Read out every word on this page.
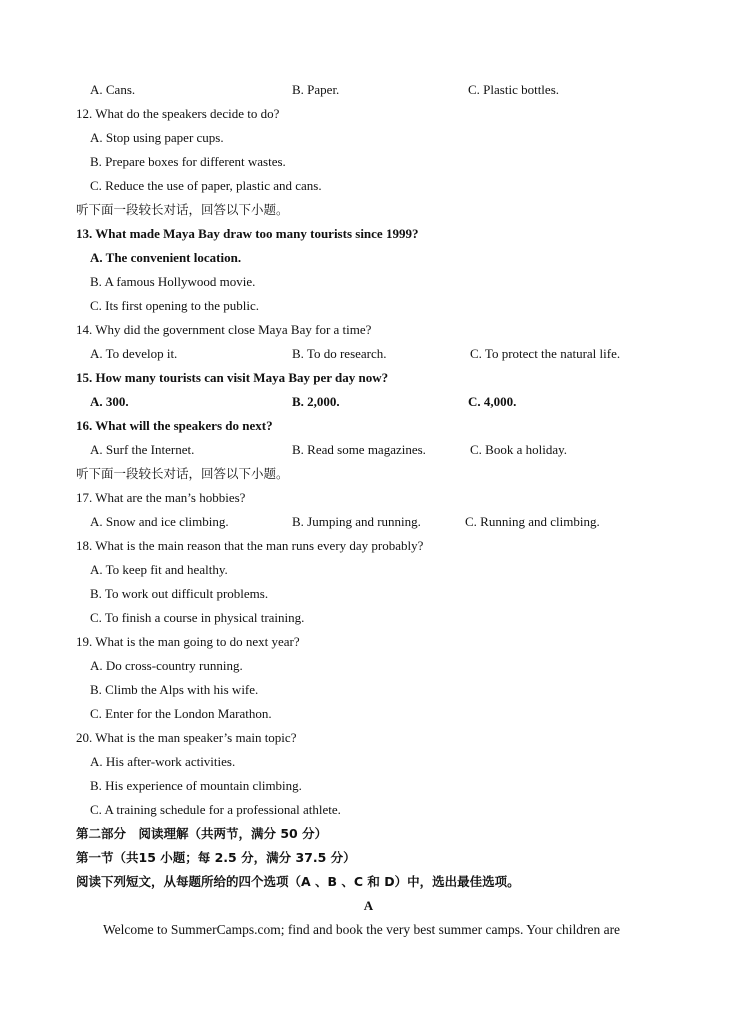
A. Cans.	B. Paper.	C. Plastic bottles.
12. What do the speakers decide to do?
A. Stop using paper cups.
B. Prepare boxes for different wastes.
C. Reduce the use of paper, plastic and cans.
听下面一段较长对话，回答以下小题。
13. What made Maya Bay draw too many tourists since 1999?
A. The convenient location.
B. A famous Hollywood movie.
C. Its first opening to the public.
14. Why did the government close Maya Bay for a time?
A. To develop it.	B. To do research.	C. To protect the natural life.
15. How many tourists can visit Maya Bay per day now?
A. 300.	B. 2,000.	C. 4,000.
16. What will the speakers do next?
A. Surf the Internet.	B. Read some magazines.	C. Book a holiday.
听下面一段较长对话，回答以下小题。
17. What are the man’s hobbies?
A. Snow and ice climbing.	B. Jumping and running.	C. Running and climbing.
18. What is the main reason that the man runs every day probably?
A. To keep fit and healthy.
B. To work out difficult problems.
C. To finish a course in physical training.
19. What is the man going to do next year?
A. Do cross-country running.
B. Climb the Alps with his wife.
C. Enter for the London Marathon.
20. What is the man speaker’s main topic?
A. His after-work activities.
B. His experience of mountain climbing.
C. A training schedule for a professional athlete.
第二部分　阅读理解（共两节，满分 50 分）
第一节（共15 小题；每 2.5 分，满分 37.5 分）
阅读下列短文，从每题所给的四个选项（A 、B 、C 和 D）中，选出最佳选项。
A
Welcome to SummerCamps.com; find and book the very best summer camps. Your children are
